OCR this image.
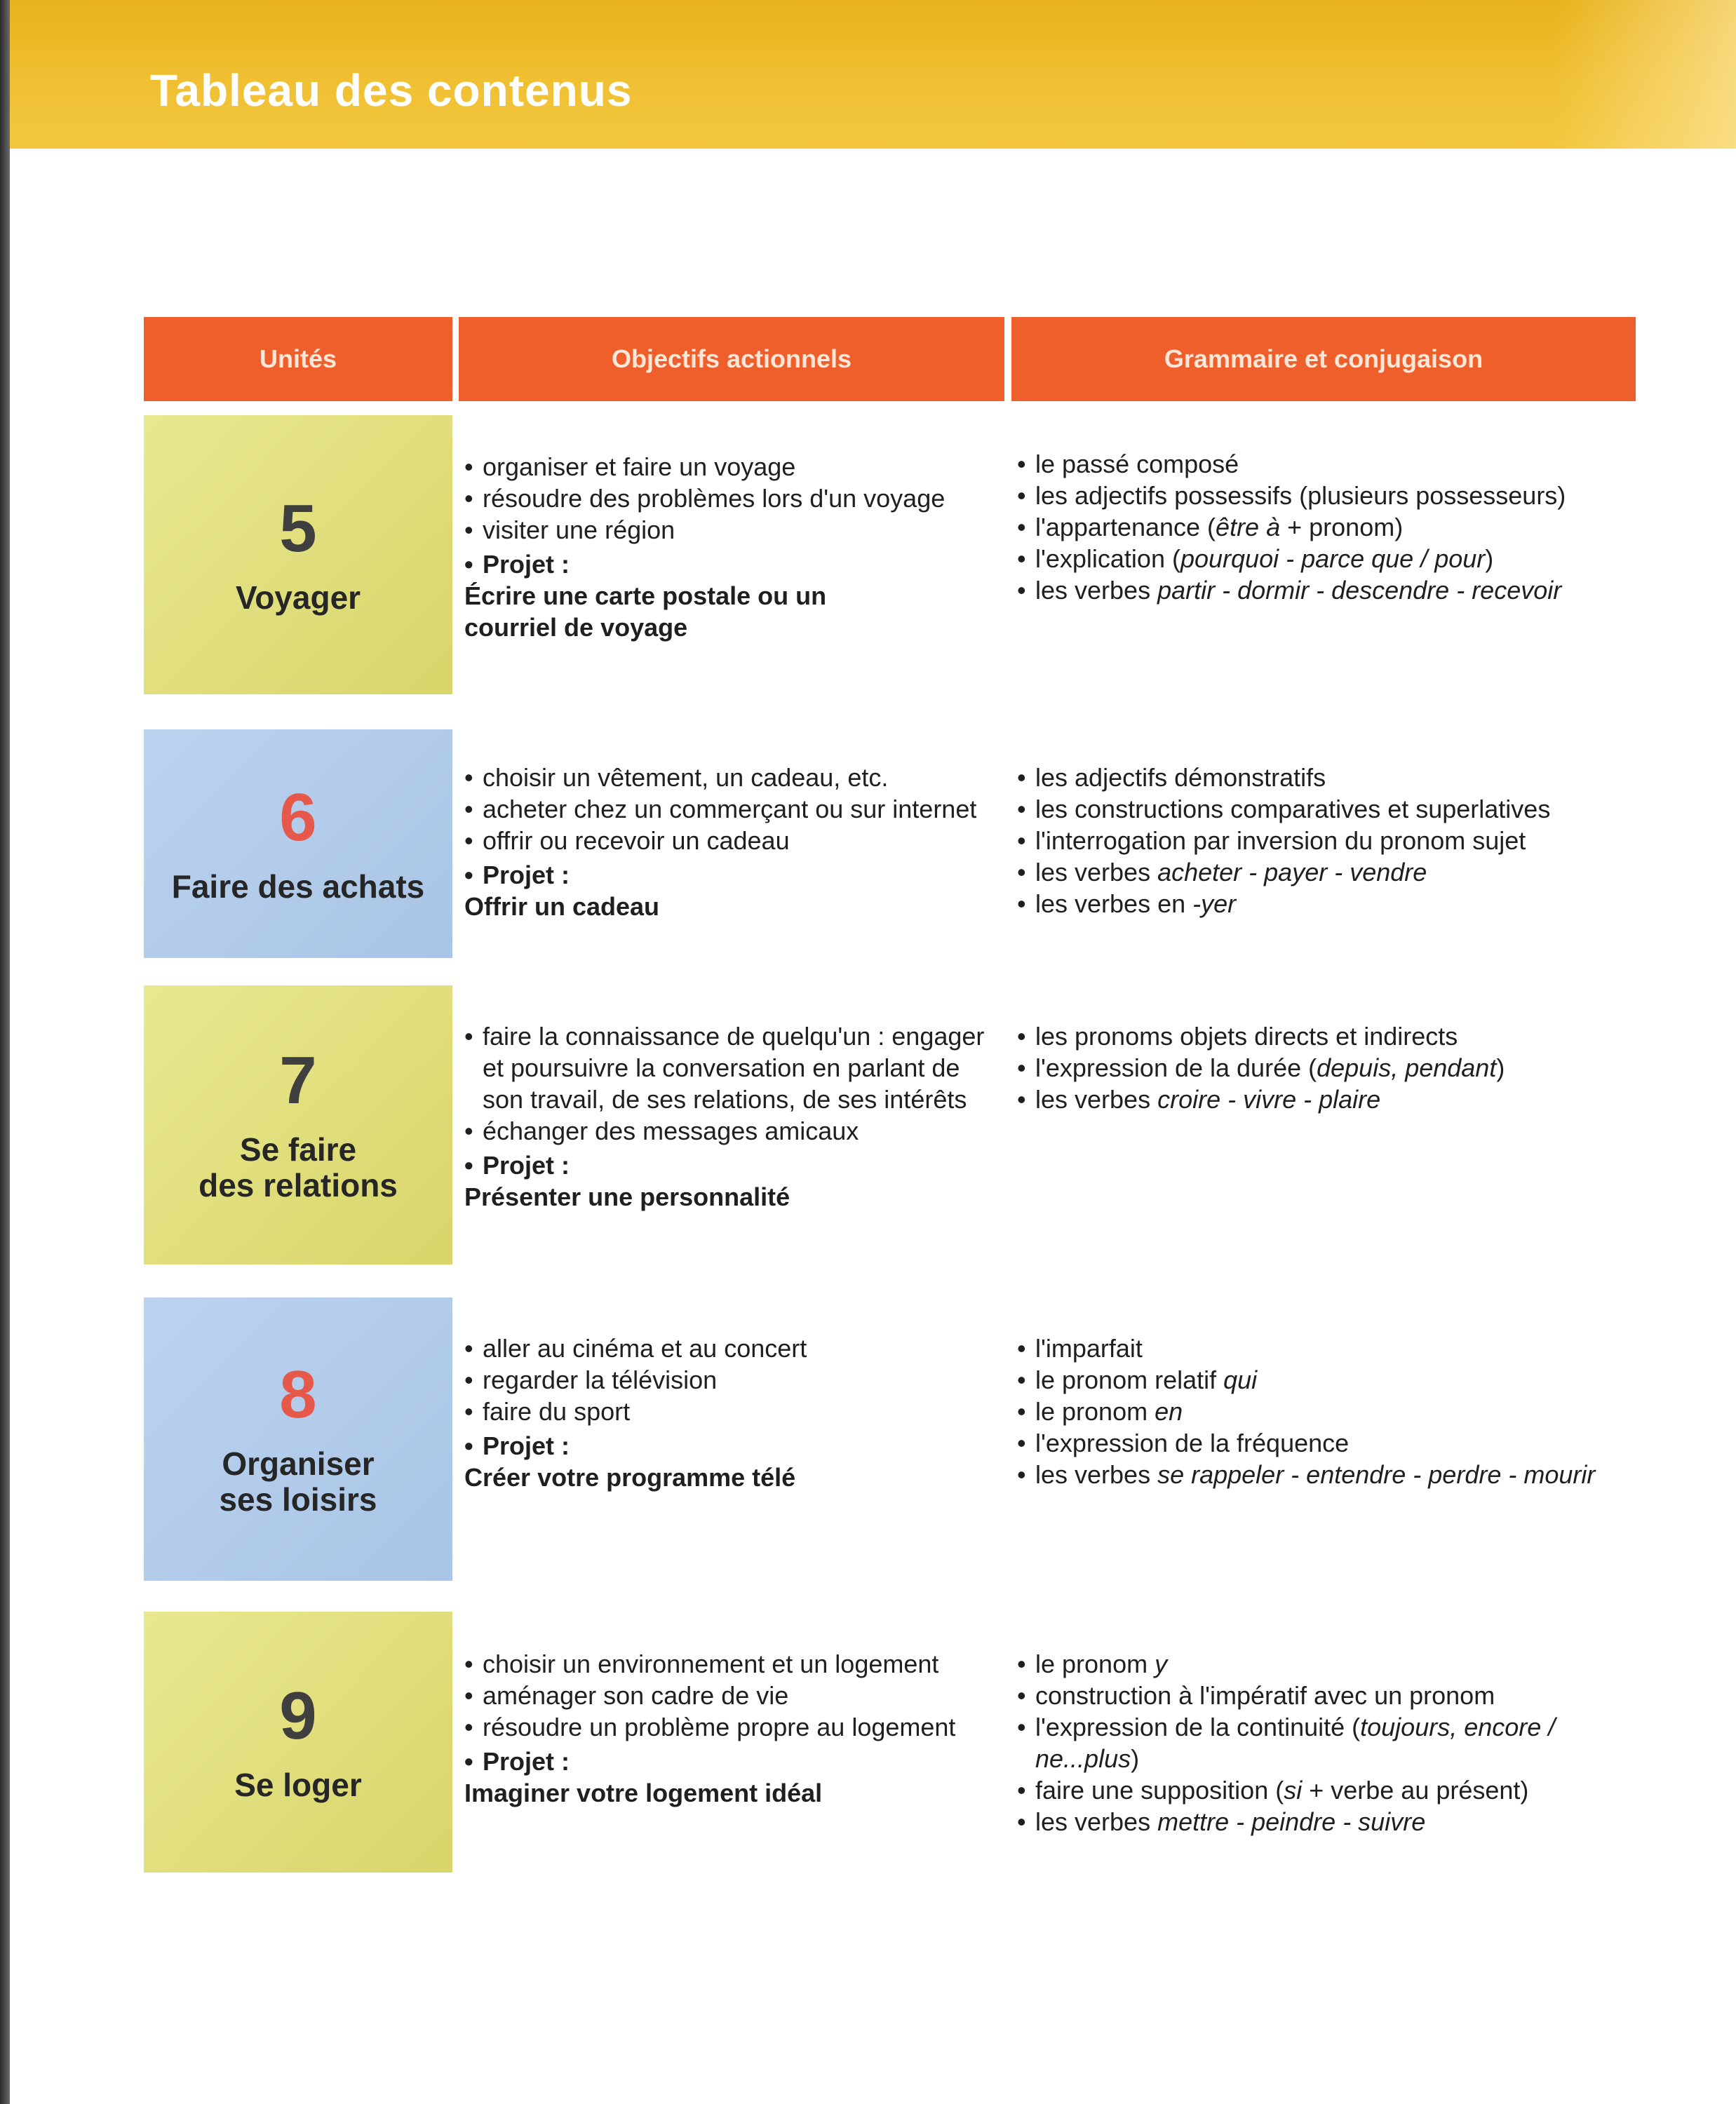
Tableau des contenus
Unités	Objectifs actionnels	Grammaire et conjugaison
5
Voyager
• organiser et faire un voyage
• résoudre des problèmes lors d'un voyage
• visiter une région
• Projet :
Écrire une carte postale ou un courriel de voyage
• le passé composé
• les adjectifs possessifs (plusieurs possesseurs)
• l'appartenance (être à + pronom)
• l'explication (pourquoi - parce que / pour)
• les verbes partir - dormir - descendre - recevoir
6
Faire des achats
• choisir un vêtement, un cadeau, etc.
• acheter chez un commerçant ou sur internet
• offrir ou recevoir un cadeau
• Projet :
Offrir un cadeau
• les adjectifs démonstratifs
• les constructions comparatives et superlatives
• l'interrogation par inversion du pronom sujet
• les verbes acheter - payer - vendre
• les verbes en -yer
7
Se faire
des relations
• faire la connaissance de quelqu'un : engager et poursuivre la conversation en parlant de son travail, de ses relations, de ses intérêts
• échanger des messages amicaux
• Projet :
Présenter une personnalité
• les pronoms objets directs et indirects
• l'expression de la durée (depuis, pendant)
• les verbes croire - vivre - plaire
8
Organiser
ses loisirs
• aller au cinéma et au concert
• regarder la télévision
• faire du sport
• Projet :
Créer votre programme télé
• l'imparfait
• le pronom relatif qui
• le pronom en
• l'expression de la fréquence
• les verbes se rappeler - entendre - perdre - mourir
9
Se loger
• choisir un environnement et un logement
• aménager son cadre de vie
• résoudre un problème propre au logement
• Projet :
Imaginer votre logement idéal
• le pronom y
• construction à l'impératif avec un pronom
• l'expression de la continuité (toujours, encore / ne...plus)
• faire une supposition (si + verbe au présent)
• les verbes mettre - peindre - suivre
